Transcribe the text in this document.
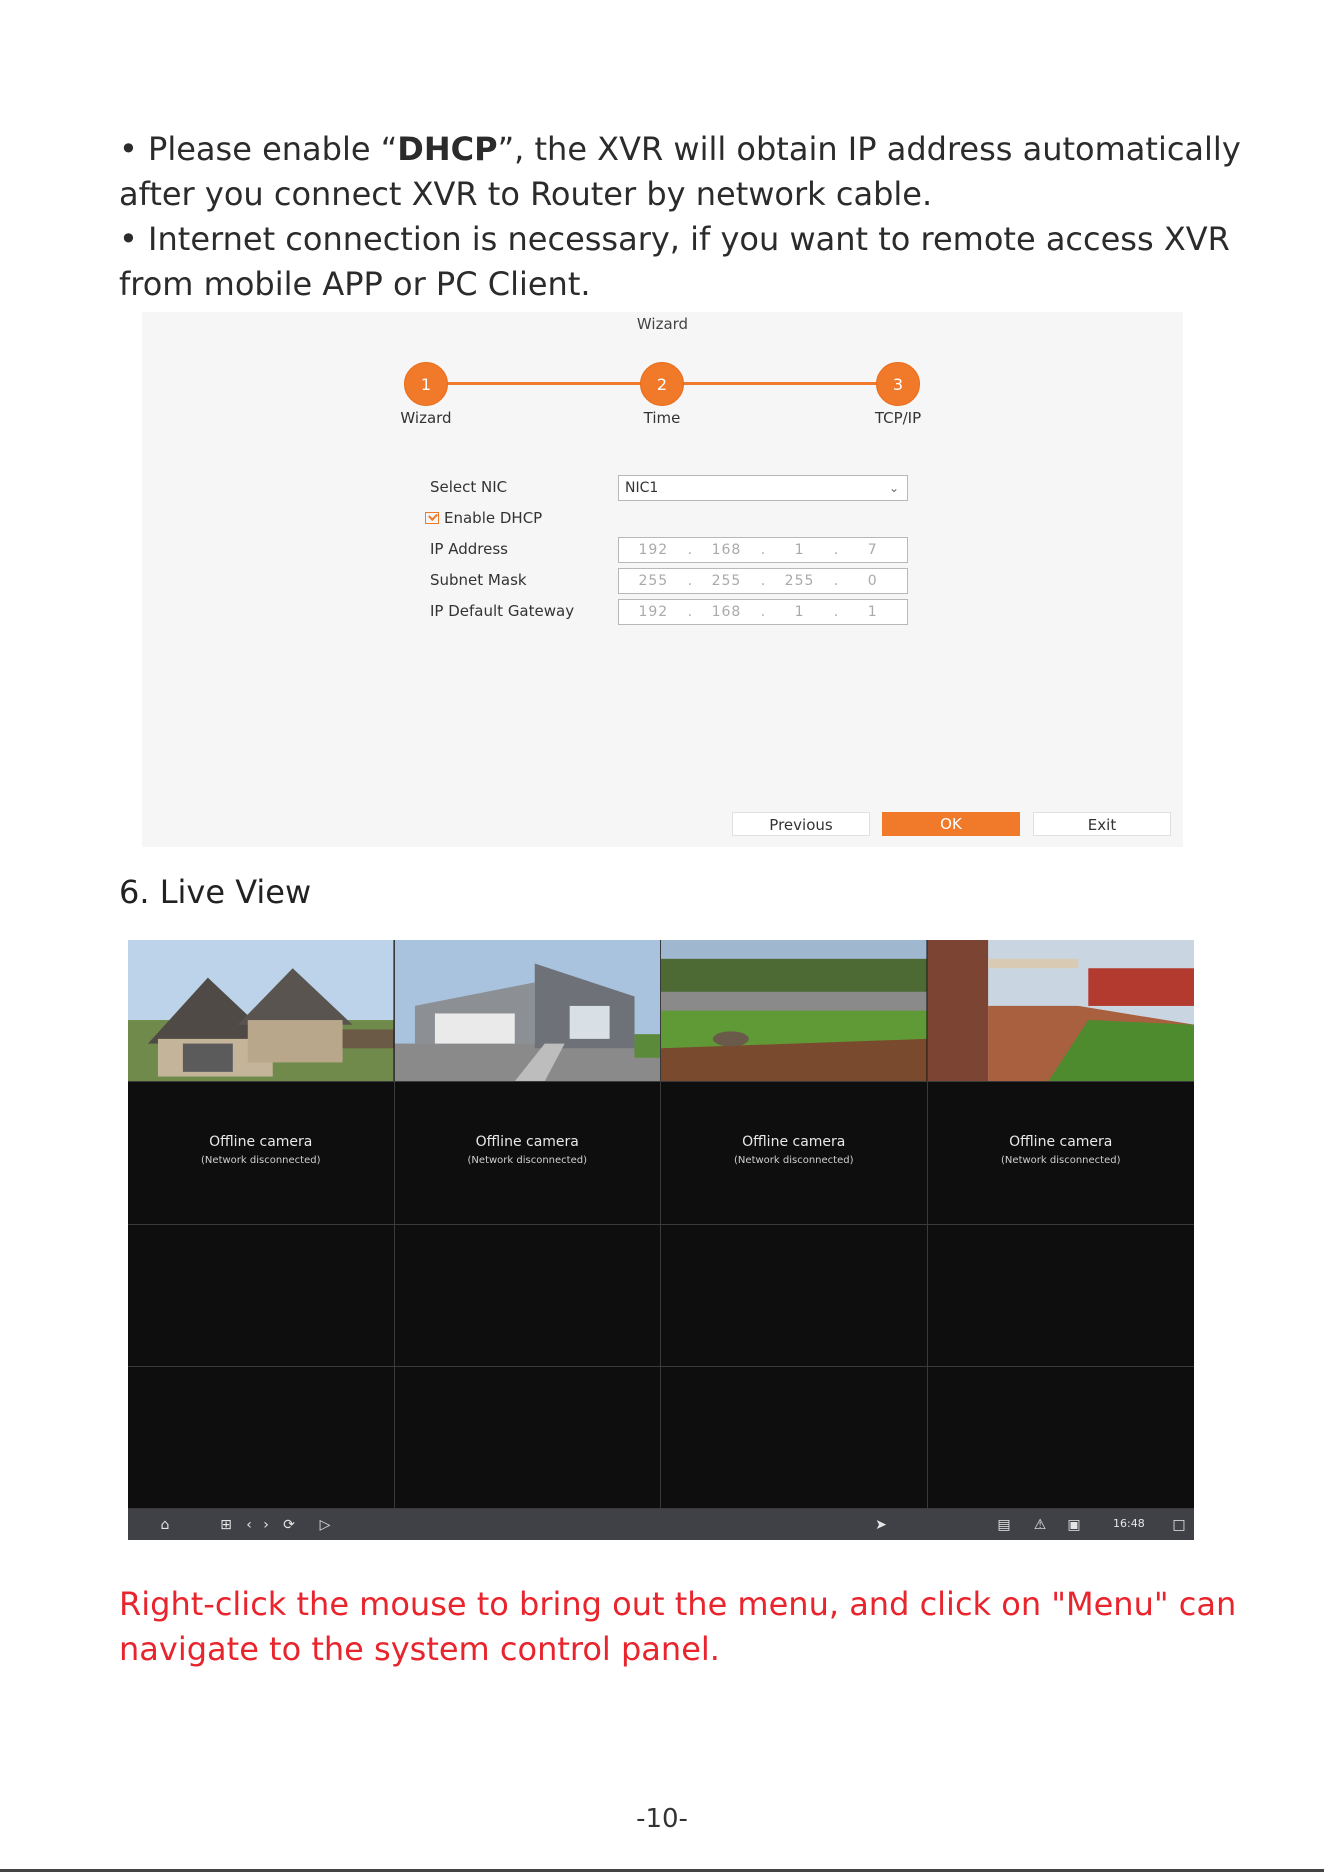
• Please enable “DHCP”, the XVR will obtain IP address automatically
after you connect XVR to Router by network cable.
• Internet connection is necessary, if you want to remote access XVR
from mobile APP or PC Client.
Wizard
1
Wizard
2
Time
3
TCP/IP
Select NIC	NIC1	⌄
Enable DHCP
IP Address	192	.	168	.	1	.	7
Subnet Mask	255	.	255	.	255	.	0
IP Default Gateway	192	.	168	.	1	.	1
Previous	OK	Exit
6. Live View
Offline camera
(Network disconnected)
Offline camera
(Network disconnected)
Offline camera
(Network disconnected)
Offline camera
(Network disconnected)
⌂	⊞	‹ ›	⟳ ▷	➤	▤ ⚠ ▣	16:48 □
Right-click the mouse to bring out the menu, and click on "Menu" can
navigate to the system control panel.
-10-
